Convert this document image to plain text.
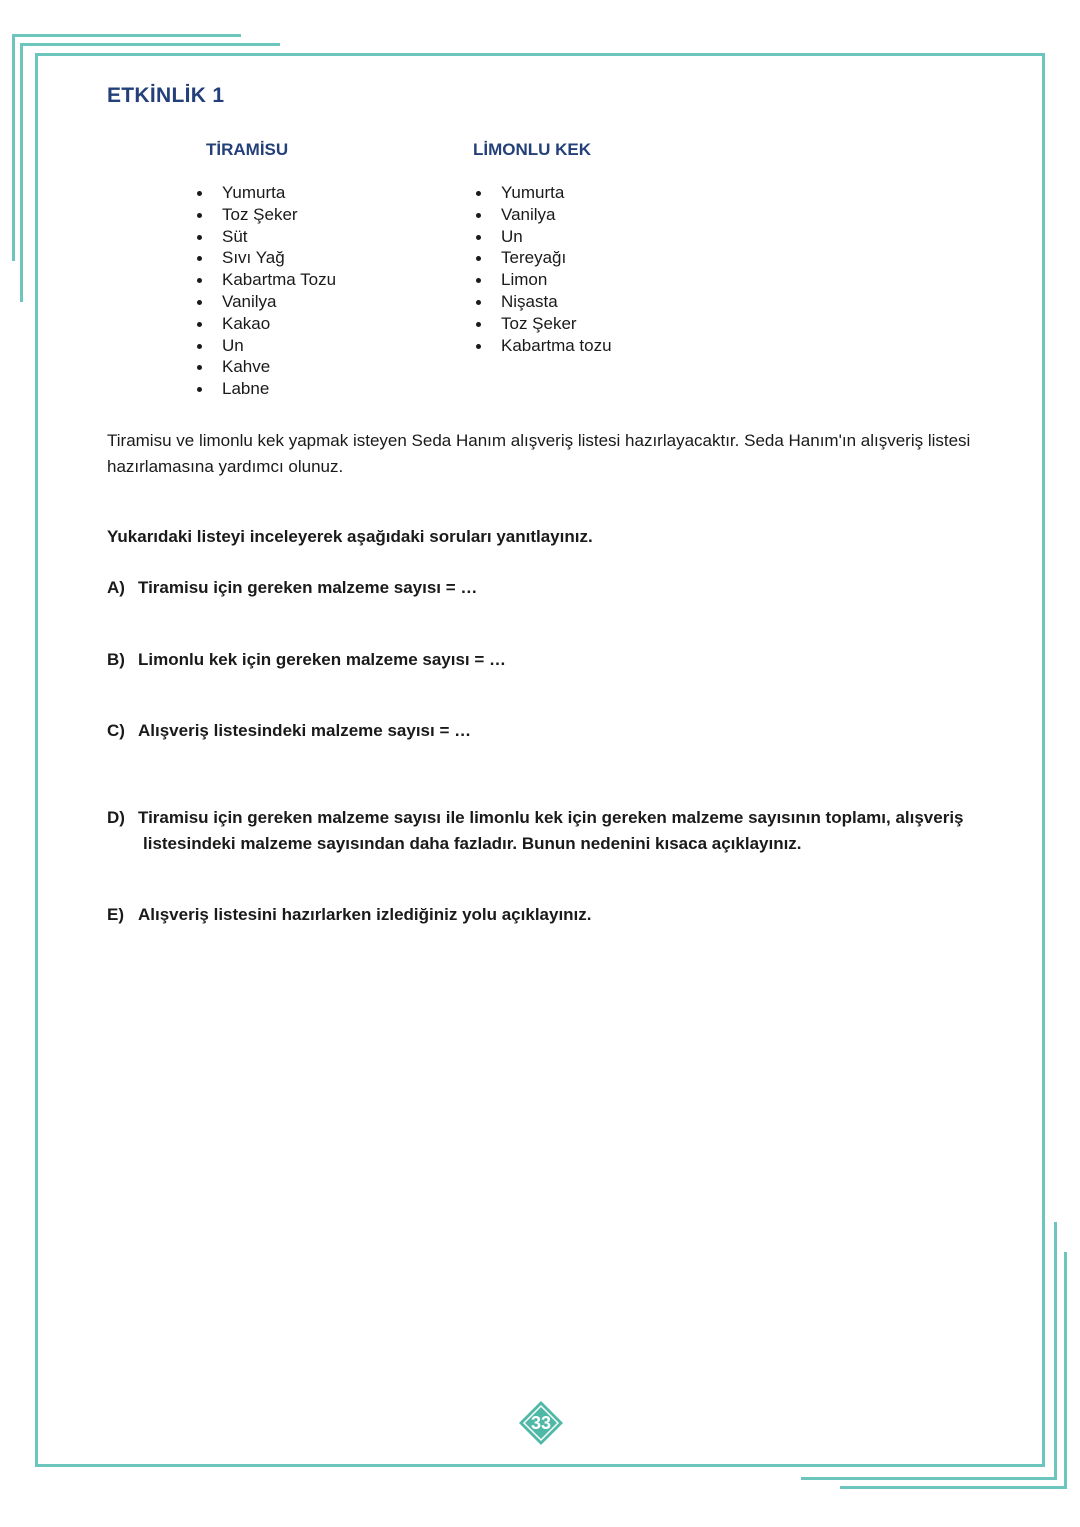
ETKİNLİK 1
TİRAMİSU
Yumurta
Toz Şeker
Süt
Sıvı Yağ
Kabartma Tozu
Vanilya
Kakao
Un
Kahve
Labne
LİMONLU KEK
Yumurta
Vanilya
Un
Tereyağı
Limon
Nişasta
Toz Şeker
Kabartma tozu

Tiramisu ve limonlu kek yapmak isteyen Seda Hanım alışveriş listesi hazırlayacaktır. Seda Hanım'ın alışveriş listesi hazırlamasına yardımcı olunuz.

Yukarıdaki listeyi inceleyerek aşağıdaki soruları yanıtlayınız.

A) Tiramisu için gereken malzeme sayısı = …

B) Limonlu kek için gereken malzeme sayısı = …

C) Alışveriş listesindeki malzeme sayısı = …

D) Tiramisu için gereken malzeme sayısı ile limonlu kek için gereken malzeme sayısının toplamı, alışveriş
listesindeki malzeme sayısından daha fazladır. Bunun nedenini kısaca açıklayınız.

E) Alışveriş listesini hazırlarken izlediğiniz yolu açıklayınız.

33
